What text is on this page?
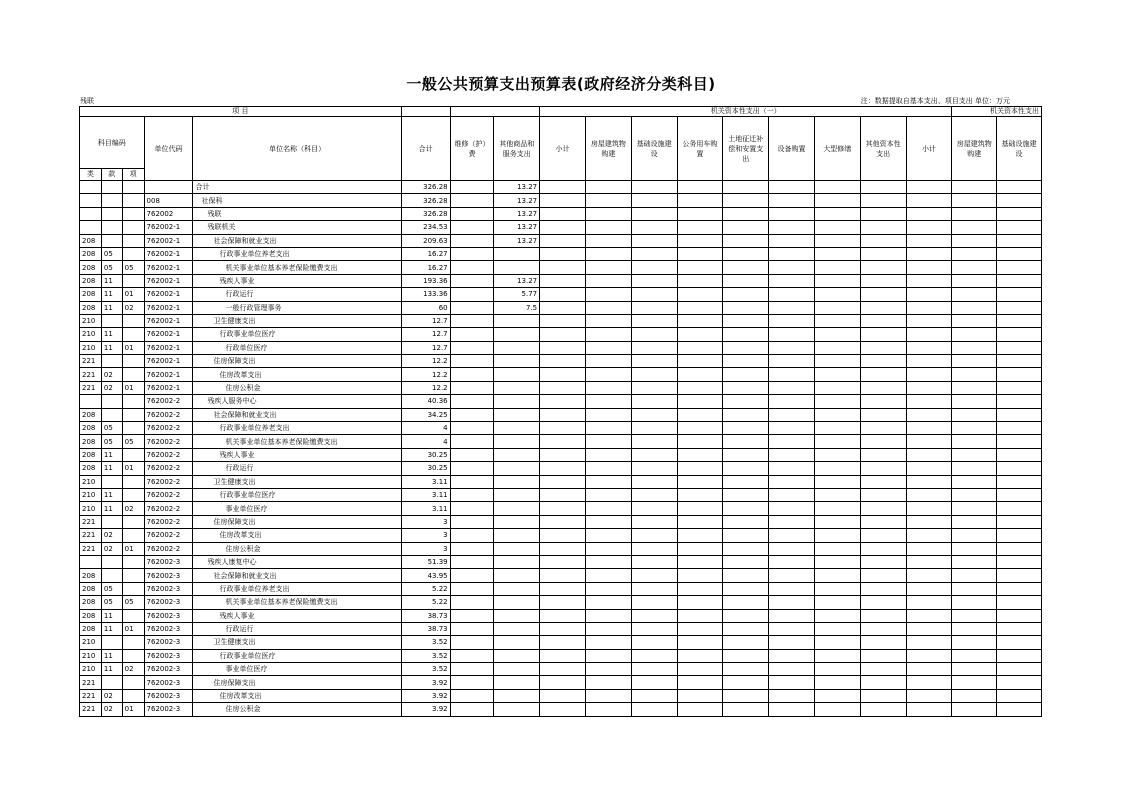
一般公共预算支出预算表(政府经济分类科目)
残联	注：数据提取自基本支出、项目支出 单位：万元
项 目								机关资本性支出（一）									机关资本性支出	
科目编码			单位代码	单位名称（科目）	合计	维修（护）费	其他商品和服务支出	小计	房屋建筑物购建	基础设施建设	公务用车购置	土地征迁补偿和安置支出	设备购置	大型修缮	其他资本性支出	小计	房屋建筑物购建	基础设施建设
类	款	项																
				合计	326.28		13.27											
			008	社保科	326.28		13.27											
			762002	残联	326.28		13.27											
			762002-1	残联机关	234.53		13.27											
208			762002-1	社会保障和就业支出	209.63		13.27											
208	05		762002-1	行政事业单位养老支出	16.27													
208	05	05	762002-1	机关事业单位基本养老保险缴费支出	16.27													
208	11		762002-1	残疾人事业	193.36		13.27											
208	11	01	762002-1	行政运行	133.36		5.77											
208	11	02	762002-1	一般行政管理事务	60		7.5											
210			762002-1	卫生健康支出	12.7													
210	11		762002-1	行政事业单位医疗	12.7													
210	11	01	762002-1	行政单位医疗	12.7													
221			762002-1	住房保障支出	12.2													
221	02		762002-1	住房改革支出	12.2													
221	02	01	762002-1	住房公积金	12.2													
			762002-2	残疾人服务中心	40.36													
208			762002-2	社会保障和就业支出	34.25													
208	05		762002-2	行政事业单位养老支出	4													
208	05	05	762002-2	机关事业单位基本养老保险缴费支出	4													
208	11		762002-2	残疾人事业	30.25													
208	11	01	762002-2	行政运行	30.25													
210			762002-2	卫生健康支出	3.11													
210	11		762002-2	行政事业单位医疗	3.11													
210	11	02	762002-2	事业单位医疗	3.11													
221			762002-2	住房保障支出	3													
221	02		762002-2	住房改革支出	3													
221	02	01	762002-2	住房公积金	3													
			762002-3	残疾人康复中心	51.39													
208			762002-3	社会保障和就业支出	43.95													
208	05		762002-3	行政事业单位养老支出	5.22													
208	05	05	762002-3	机关事业单位基本养老保险缴费支出	5.22													
208	11		762002-3	残疾人事业	38.73													
208	11	01	762002-3	行政运行	38.73													
210			762002-3	卫生健康支出	3.52													
210	11		762002-3	行政事业单位医疗	3.52													
210	11	02	762002-3	事业单位医疗	3.52													
221			762002-3	住房保障支出	3.92													
221	02		762002-3	住房改革支出	3.92													
221	02	01	762002-3	住房公积金	3.92													
